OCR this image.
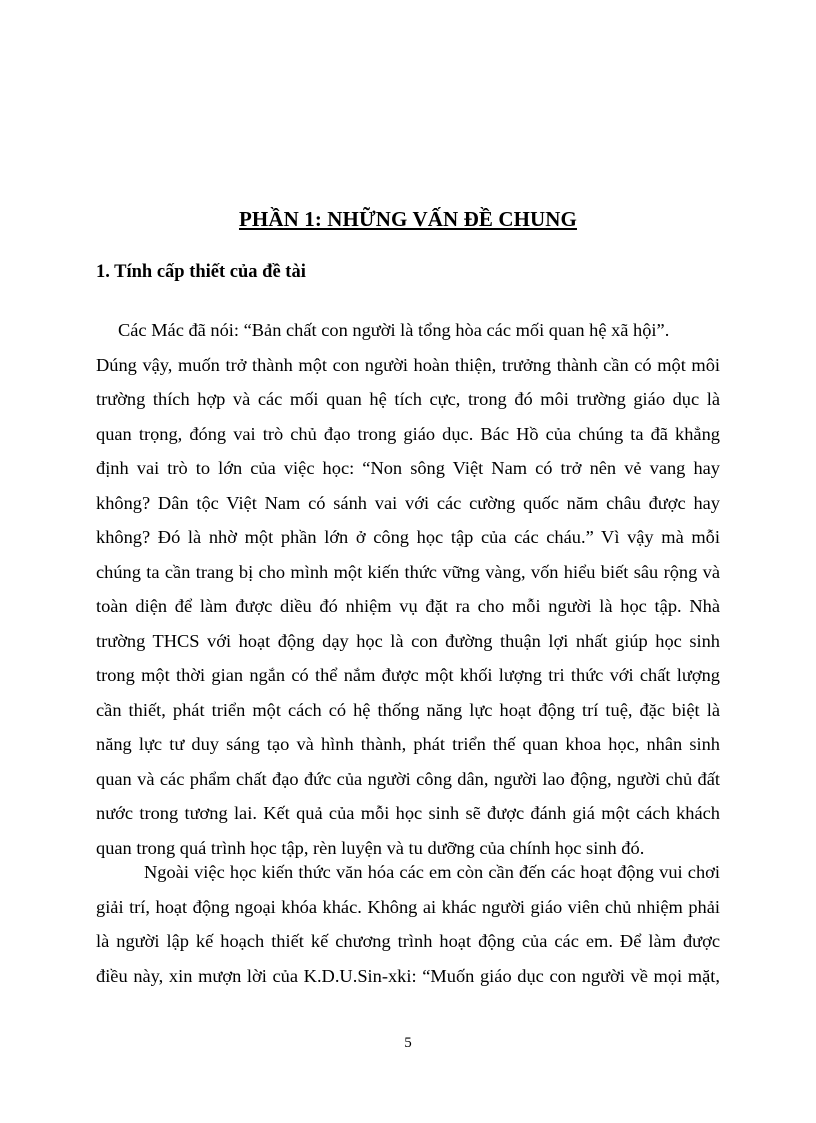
PHẦN 1: NHỮNG VẤN ĐỀ CHUNG
1. Tính cấp thiết của đề tài
Các Mác đã nói: “Bản chất con người là tổng hòa các mối quan hệ xã hội”.
Dúng vậy, muốn trở thành một con người hoàn thiện, trưởng thành cần có một môi
trường thích hợp và các mối quan hệ tích cực, trong đó môi trường giáo dục là
quan trọng, đóng vai trò chủ đạo trong giáo dục. Bác Hồ của chúng ta đã khẳng
định vai trò to lớn của việc học: “Non sông Việt Nam có trở nên vẻ vang hay
không? Dân tộc Việt Nam có sánh vai với các cường quốc năm châu được hay
không? Đó là nhờ một phần lớn ở công học tập của các cháu.” Vì vậy mà mỗi
chúng ta cần trang bị cho mình một kiến thức vững vàng, vốn hiểu biết sâu rộng và
toàn diện để làm được diều đó nhiệm vụ đặt ra cho mỗi người là học tập. Nhà
trường THCS với hoạt động dạy học là con đường thuận lợi nhất giúp học sinh
trong một thời gian ngắn có thể nắm được một khối lượng tri thức với chất lượng
cần thiết, phát triển một cách có hệ thống năng lực hoạt động trí tuệ, đặc biệt là
năng lực tư duy sáng tạo và hình thành, phát triển thế quan khoa học, nhân sinh
quan và các phẩm chất đạo đức của người công dân, người lao động, người chủ đất
nước trong tương lai. Kết quả của mỗi học sinh sẽ được đánh giá một cách khách
quan trong quá trình học tập, rèn luyện và tu dưỡng của chính học sinh đó.
Ngoài việc học kiến thức văn hóa các em còn cần đến các hoạt động vui chơi
giải trí, hoạt động ngoại khóa khác. Không ai khác người giáo viên chủ nhiệm phải
là người lập kế hoạch thiết kế chương trình hoạt động của các em. Để làm được
điều này, xin mượn lời của K.D.U.Sin-xki: “Muốn giáo dục con người về mọi mặt,
5
